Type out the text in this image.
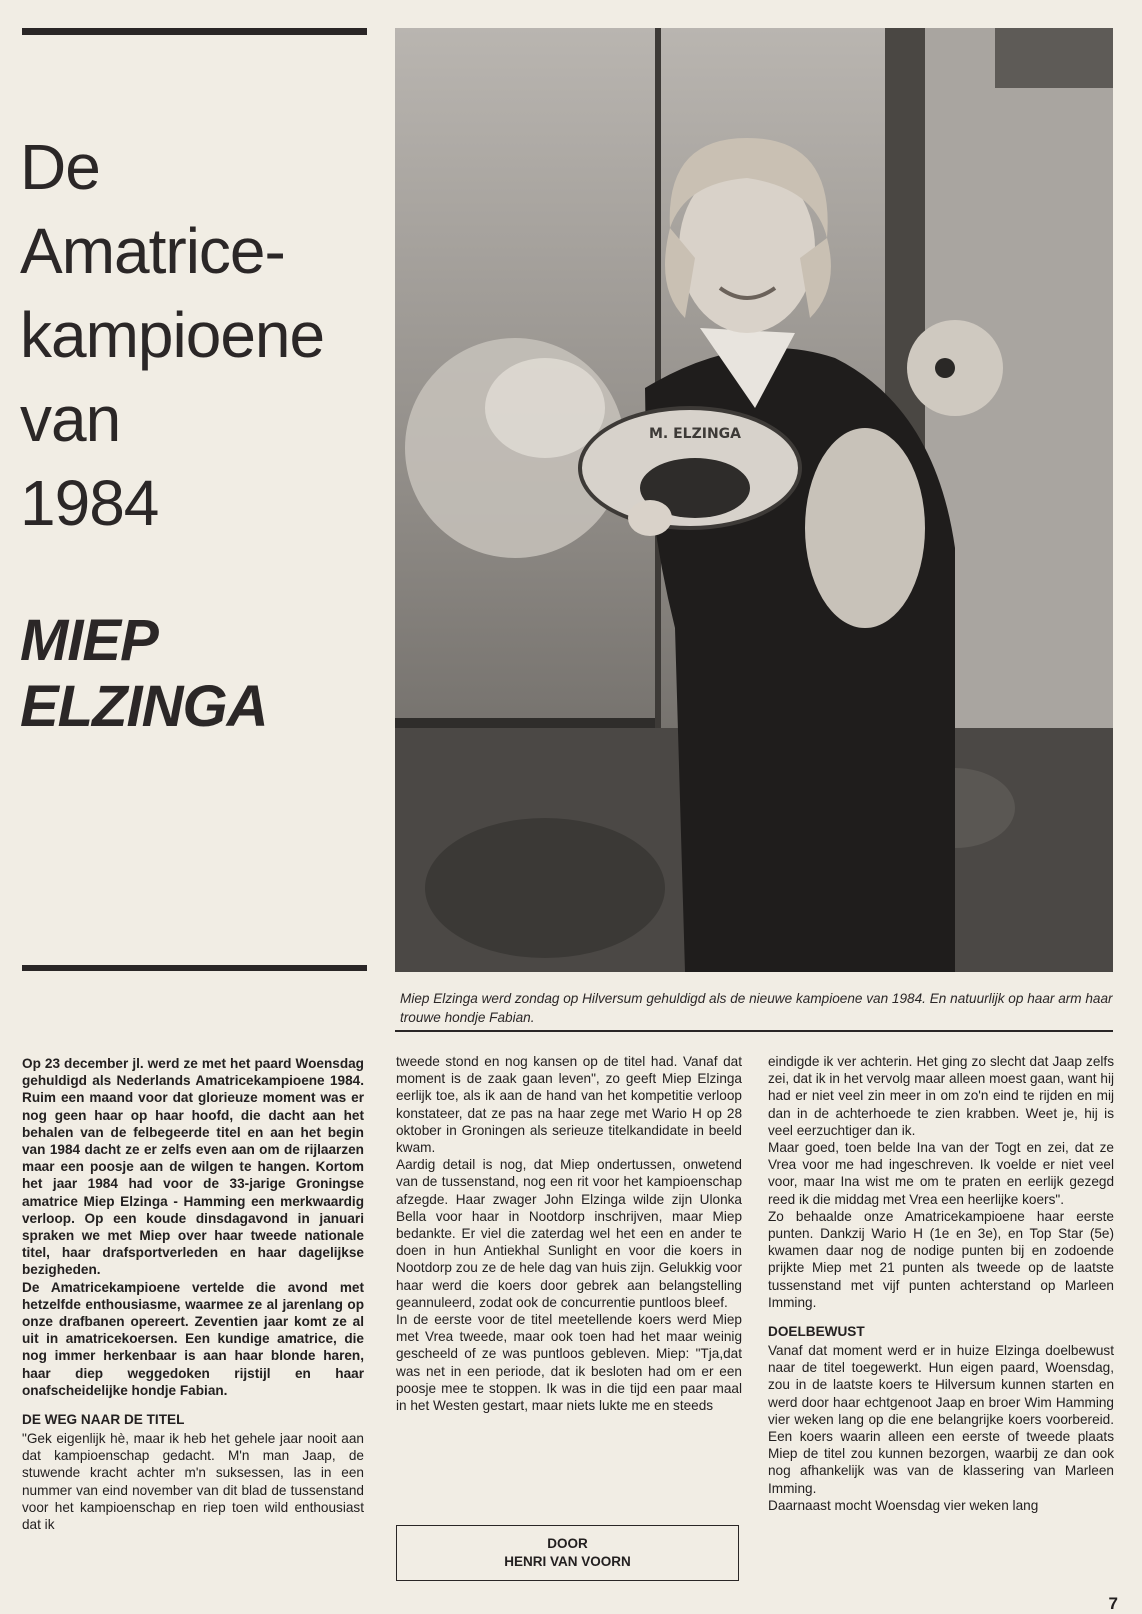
De
Amatrice-
kampioene
van
1984
MIEP
ELZINGA
M. ELZINGA
Miep Elzinga werd zondag op Hilversum gehuldigd als de nieuwe kampioene van 1984. En natuurlijk op haar arm haar trouwe hondje Fabian.

Op 23 december jl. werd ze met het paard Woensdag gehuldigd als Nederlands Amatricekampioene 1984. Ruim een maand voor dat glorieuze moment was er nog geen haar op haar hoofd, die dacht aan het behalen van de felbegeerde titel en aan het begin van 1984 dacht ze er zelfs even aan om de rijlaarzen maar een poosje aan de wilgen te hangen. Kortom het jaar 1984 had voor de 33-jarige Groningse amatrice Miep Elzinga - Hamming een merkwaardig verloop. Op een koude dinsdagavond in januari spraken we met Miep over haar tweede nationale titel, haar drafsportverleden en haar dagelijkse bezigheden.

De Amatricekampioene vertelde die avond met hetzelfde enthousiasme, waarmee ze al jarenlang op onze drafbanen opereert. Zeventien jaar komt ze al uit in amatricekoersen. Een kundige amatrice, die nog immer herkenbaar is aan haar blonde haren, haar diep weggedoken rijstijl en haar onafscheidelijke hondje Fabian.

DE WEG NAAR DE TITEL

"Gek eigenlijk hè, maar ik heb het gehele jaar nooit aan dat kampioenschap gedacht. M'n man Jaap, de stuwende kracht achter m'n suksessen, las in een nummer van eind november van dit blad de tussenstand voor het kampioenschap en riep toen wild enthousiast dat ik

tweede stond en nog kansen op de titel had. Vanaf dat moment is de zaak gaan leven", zo geeft Miep Elzinga eerlijk toe, als ik aan de hand van het kompetitie verloop konstateer, dat ze pas na haar zege met Wario H op 28 oktober in Groningen als serieuze titelkandidate in beeld kwam.

Aardig detail is nog, dat Miep ondertussen, onwetend van de tussenstand, nog een rit voor het kampioenschap afzegde. Haar zwager John Elzinga wilde zijn Ulonka Bella voor haar in Nootdorp inschrijven, maar Miep bedankte. Er viel die zaterdag wel het een en ander te doen in hun Antiekhal Sunlight en voor die koers in Nootdorp zou ze de hele dag van huis zijn. Gelukkig voor haar werd die koers door gebrek aan belangstelling geannuleerd, zodat ook de concurrentie puntloos bleef.

In de eerste voor de titel meetellende koers werd Miep met Vrea tweede, maar ook toen had het maar weinig gescheeld of ze was puntloos gebleven. Miep: "Tja,dat was net in een periode, dat ik besloten had om er een poosje mee te stoppen. Ik was in die tijd een paar maal in het Westen gestart, maar niets lukte me en steeds

DOOR
HENRI VAN VOORN

eindigde ik ver achterin. Het ging zo slecht dat Jaap zelfs zei, dat ik in het vervolg maar alleen moest gaan, want hij had er niet veel zin meer in om zo'n eind te rijden en mij dan in de achterhoede te zien krabben. Weet je, hij is veel eerzuchtiger dan ik.

Maar goed, toen belde Ina van der Togt en zei, dat ze Vrea voor me had ingeschreven. Ik voelde er niet veel voor, maar Ina wist me om te praten en eerlijk gezegd reed ik die middag met Vrea een heerlijke koers".

Zo behaalde onze Amatricekampioene haar eerste punten. Dankzij Wario H (1e en 3e), en Top Star (5e) kwamen daar nog de nodige punten bij en zodoende prijkte Miep met 21 punten als tweede op de laatste tussenstand met vijf punten achterstand op Marleen Imming.

DOELBEWUST

Vanaf dat moment werd er in huize Elzinga doelbewust naar de titel toegewerkt. Hun eigen paard, Woensdag, zou in de laatste koers te Hilversum kunnen starten en werd door haar echtgenoot Jaap en broer Wim Hamming vier weken lang op die ene belangrijke koers voorbereid. Een koers waarin alleen een eerste of tweede plaats Miep de titel zou kunnen bezorgen, waarbij ze dan ook nog afhankelijk was van de klassering van Marleen Imming.

Daarnaast mocht Woensdag vier weken lang

7
